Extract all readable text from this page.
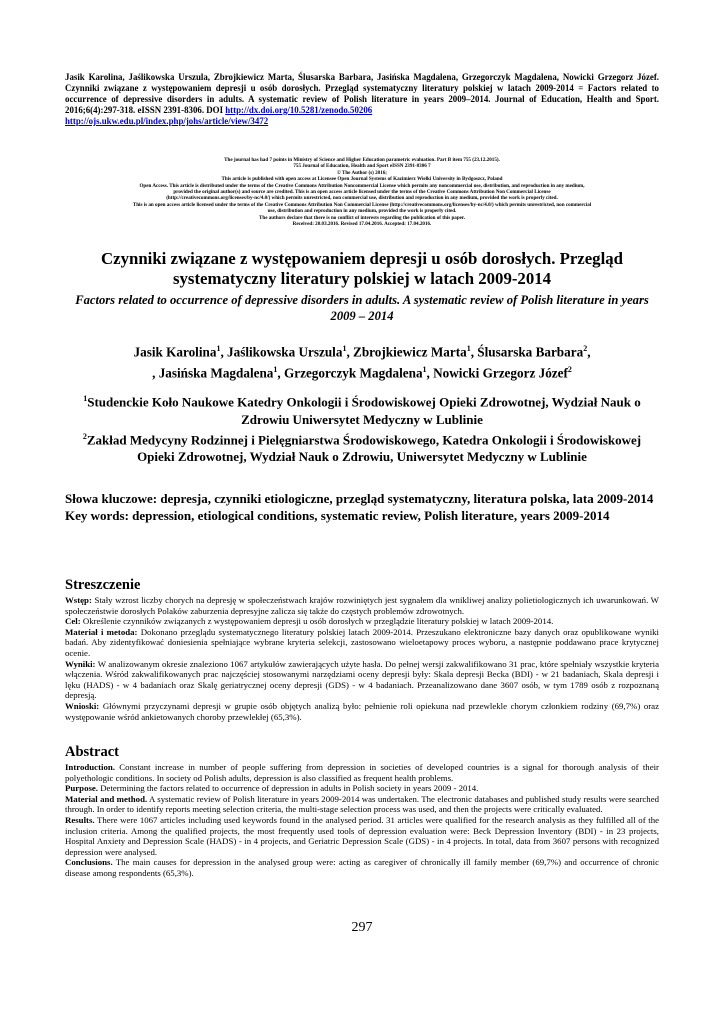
Jasik Karolina, Jaślikowska Urszula, Zbrojkiewicz Marta, Ślusarska Barbara, Jasińska Magdalena, Grzegorczyk Magdalena, Nowicki Grzegorz Józef. Czynniki związane z występowaniem depresji u osób dorosłych. Przegląd systematyczny literatury polskiej w latach 2009-2014 = Factors related to occurrence of depressive disorders in adults. A systematic review of Polish literature in years 2009–2014. Journal of Education, Health and Sport. 2016;6(4):297-318. eISSN 2391-8306. DOI http://dx.doi.org/10.5281/zenodo.50206
http://ojs.ukw.edu.pl/index.php/johs/article/view/3472
The journal has had 7 points in Ministry of Science and Higher Education parametric evaluation. Part B item 755 (23.12.2015).
755 Journal of Education, Health and Sport eISSN 2391-8306 7
© The Author (s) 2016;
This article is published with open access at Licensee Open Journal Systems of Kazimierz Wielki University in Bydgoszcz, Poland
Open Access. This article is distributed under the terms of the Creative Commons Attribution Noncommercial License which permits any noncommercial use, distribution, and reproduction in any medium,
provided the original author(s) and source are credited. This is an open access article licensed under the terms of the Creative Commons Attribution Non Commercial License
(http://creativecommons.org/licenses/by-nc/4.0/) which permits unrestricted, non commercial use, distribution and reproduction in any medium, provided the work is properly cited.
This is an open access article licensed under the terms of the Creative Commons Attribution Non Commercial License (http://creativecommons.org/licenses/by-nc/4.0/) which permits unrestricted, non commercial
use, distribution and reproduction in any medium, provided the work is properly cited.
The authors declare that there is no conflict of interests regarding the publication of this paper.
Received: 20.03.2016. Revised 17.04.2016. Accepted: 17.04.2016.
Czynniki związane z występowaniem depresji u osób dorosłych. Przegląd systematyczny literatury polskiej w latach 2009-2014
Factors related to occurrence of depressive disorders in adults. A systematic review of Polish literature in years 2009 – 2014
Jasik Karolina$^1$, Jaślikowska Urszula$^1$, Zbrojkiewicz Marta$^1$, Ślusarska Barbara$^2$,
, Jasińska Magdalena$^1$, Grzegorczyk Magdalena$^1$, Nowicki Grzegorz Józef$^2$
$^1$Studenckie Koło Naukowe Katedry Onkologii i Środowiskowej Opieki Zdrowotnej, Wydział Nauk o Zdrowiu Uniwersytet Medyczny w Lublinie
$^2$Zakład Medycyny Rodzinnej i Pielęgniarstwa Środowiskowego, Katedra Onkologii i Środowiskowej Opieki Zdrowotnej, Wydział Nauk o Zdrowiu, Uniwersytet Medyczny w Lublinie
Słowa kluczowe: depresja, czynniki etiologiczne, przegląd systematyczny, literatura polska, lata 2009-2014
Key words: depression, etiological conditions, systematic review, Polish literature, years 2009-2014
Streszczenie

Wstęp: Stały wzrost liczby chorych na depresję w społeczeństwach krajów rozwiniętych jest sygnałem dla wnikliwej analizy polietiologicznych ich uwarunkowań. W społeczeństwie dorosłych Polaków zaburzenia depresyjne zalicza się także do częstych problemów zdrowotnych.

Cel: Określenie czynników związanych z występowaniem depresji u osób dorosłych w przeglądzie literatury polskiej w latach 2009-2014.

Materiał i metoda: Dokonano przeglądu systematycznego literatury polskiej latach 2009-2014. Przeszukano elektroniczne bazy danych oraz opublikowane wyniki badań. Aby zidentyfikować doniesienia spełniające wybrane kryteria selekcji, zastosowano wieloetapowy proces wyboru, a następnie poddawano prace krytycznej ocenie.

Wyniki: W analizowanym okresie znaleziono 1067 artykułów zawierających użyte hasła. Do pełnej wersji zakwalifikowano 31 prac, które spełniały wszystkie kryteria włączenia. Wśród zakwalifikowanych prac najczęściej stosowanymi narzędziami oceny depresji były: Skala depresji Becka (BDI) - w 21 badaniach, Skala depresji i lęku (HADS) - w 4 badaniach oraz Skalę geriatrycznej oceny depresji (GDS) - w 4 badaniach. Przeanalizowano dane 3607 osób, w tym 1789 osób z rozpoznaną depresją.

Wnioski: Głównymi przyczynami depresji w grupie osób objętych analizą było: pełnienie roli opiekuna nad przewlekle chorym członkiem rodziny (69,7%) oraz występowanie wśród ankietowanych choroby przewlekłej (65,3%).

Abstract

Introduction. Constant increase in number of people suffering from depression in societies of developed countries is a signal for thorough analysis of their polyethologic conditions. In society od Polish adults, depression is also classified as frequent health problems.

Purpose. Determining the factors related to occurrence of depression in adults in Polish society in years 2009 - 2014.

Material and method. A systematic review of Polish literature in years 2009-2014 was undertaken. The electronic databases and published study results were searched through. In order to identify reports meeting selection criteria, the multi-stage selection process was used, and then the projects were critically evaluated.

Results. There were 1067 articles including used keywords found in the analysed period. 31 articles were qualified for the research analysis as they fulfilled all of the inclusion criteria. Among the qualified projects, the most frequently used tools of depression evaluation were: Beck Depression Inventory (BDI) - in 23 projects, Hospital Anxiety and Depression Scale (HADS) - in 4 projects, and Geriatric Depression Scale (GDS) - in 4 projects. In total, data from 3607 persons with recognized depression were analysed.

Conclusions. The main causes for depression in the analysed group were: acting as caregiver of chronically ill family member (69,7%) and occurrence of chronic disease among respondents (65,3%).

297
